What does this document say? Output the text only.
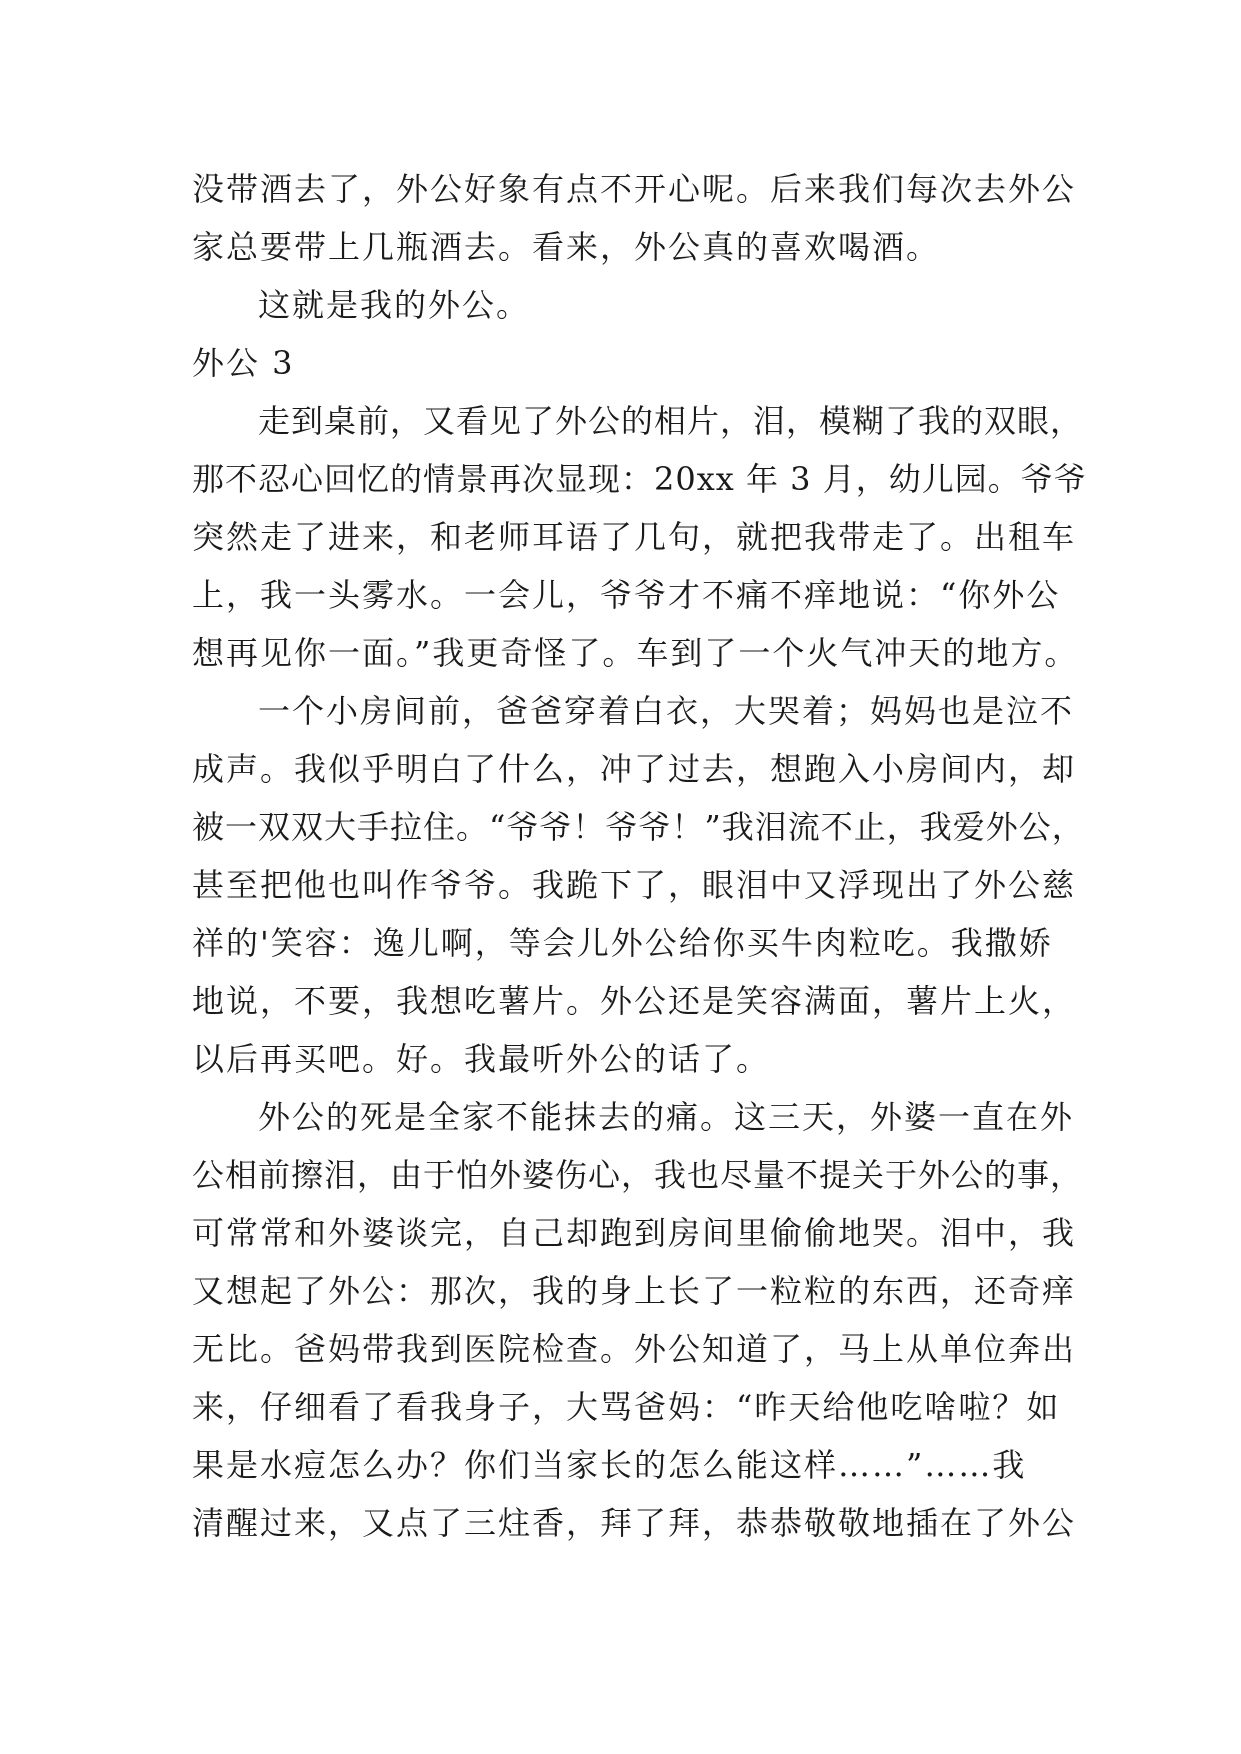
没带酒去了，外公好象有点不开心呢。后来我们每次去外公
家总要带上几瓶酒去。看来，外公真的喜欢喝酒。
这就是我的外公。
外公 3
走到桌前，又看见了外公的相片，泪，模糊了我的双眼，
那不忍心回忆的情景再次显现：20xx 年 3 月，幼儿园。爷爷
突然走了进来，和老师耳语了几句，就把我带走了。出租车
上，我一头雾水。一会儿，爷爷才不痛不痒地说：“你外公
想再见你一面。”我更奇怪了。车到了一个火气冲天的地方。
一个小房间前，爸爸穿着白衣，大哭着；妈妈也是泣不
成声。我似乎明白了什么，冲了过去，想跑入小房间内，却
被一双双大手拉住。“爷爷！爷爷！”我泪流不止，我爱外公，
甚至把他也叫作爷爷。我跪下了，眼泪中又浮现出了外公慈
祥的'笑容：逸儿啊，等会儿外公给你买牛肉粒吃。我撒娇
地说，不要，我想吃薯片。外公还是笑容满面，薯片上火，
以后再买吧。好。我最听外公的话了。
外公的死是全家不能抹去的痛。这三天，外婆一直在外
公相前擦泪，由于怕外婆伤心，我也尽量不提关于外公的事，
可常常和外婆谈完，自己却跑到房间里偷偷地哭。泪中，我
又想起了外公：那次，我的身上长了一粒粒的东西，还奇痒
无比。爸妈带我到医院检查。外公知道了，马上从单位奔出
来，仔细看了看我身子，大骂爸妈：“昨天给他吃啥啦？如
果是水痘怎么办？你们当家长的怎么能这样……”……我
清醒过来，又点了三炷香，拜了拜，恭恭敬敬地插在了外公
